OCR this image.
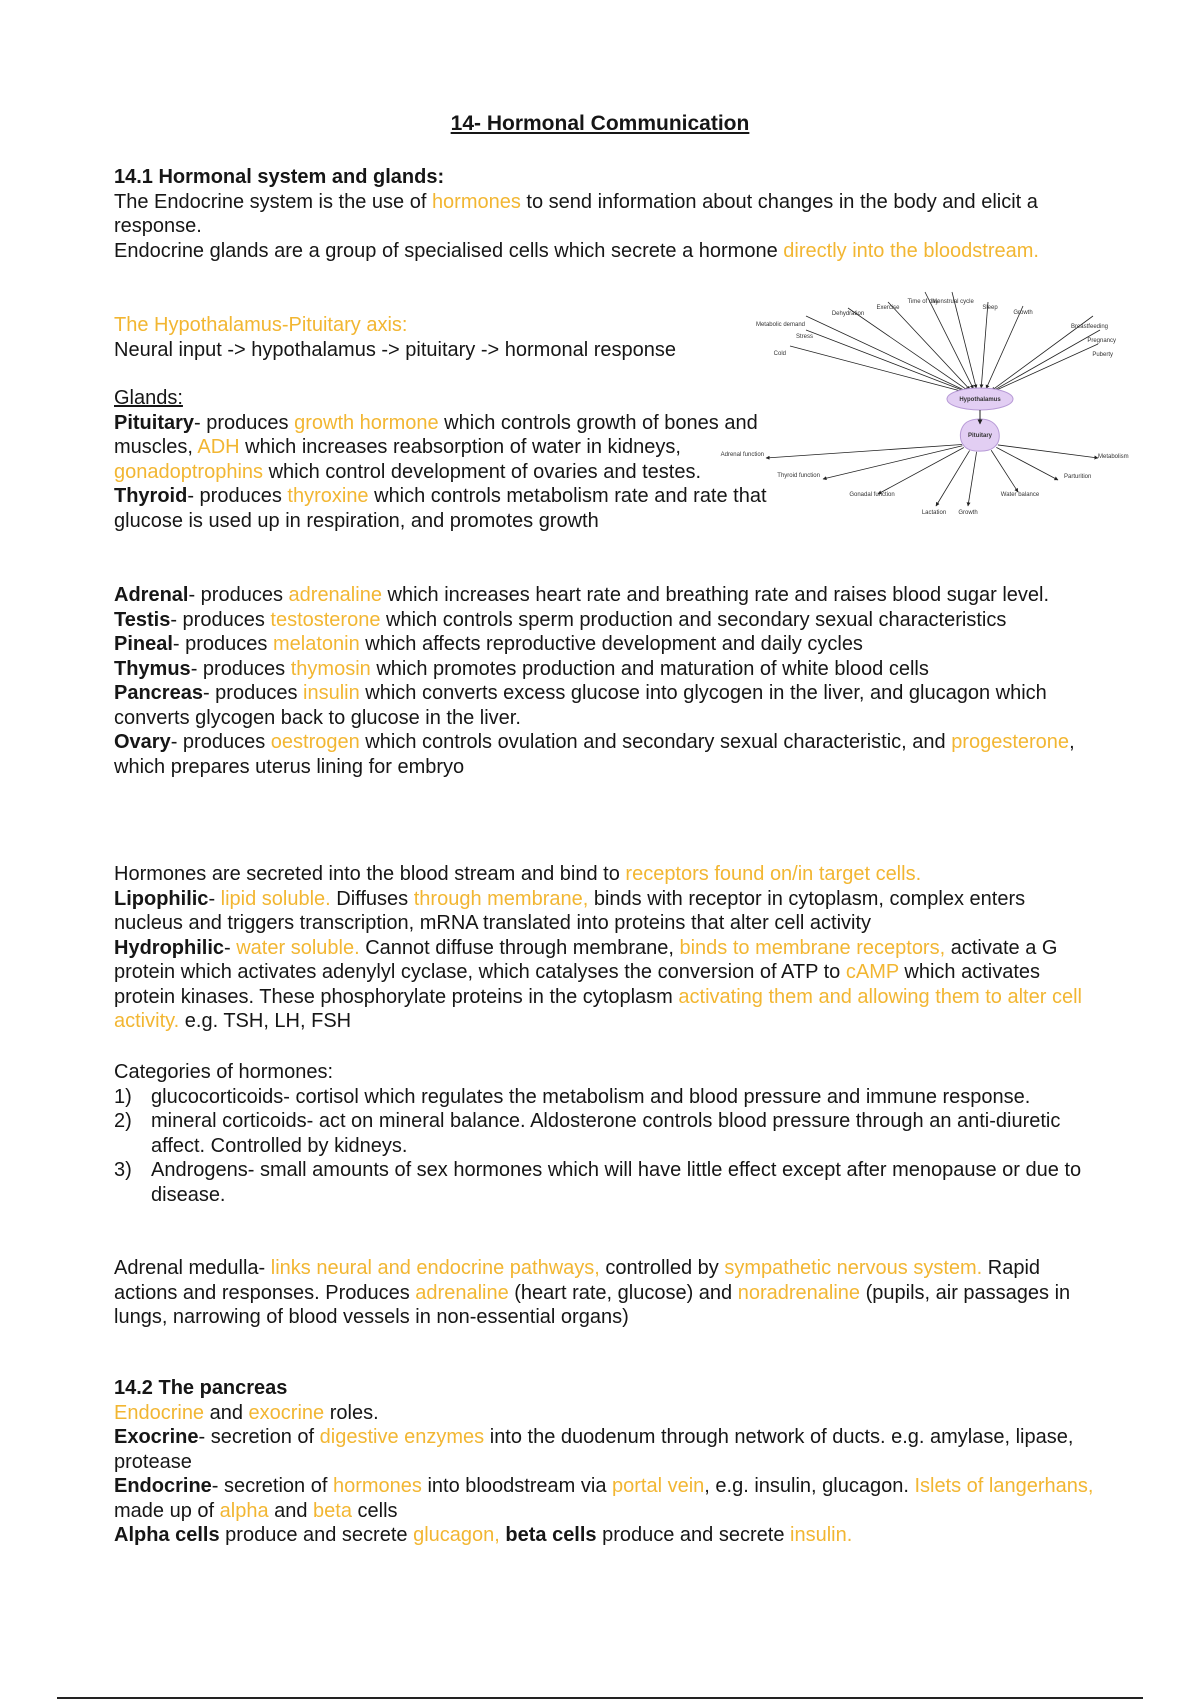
14- Hormonal Communication
14.1 Hormonal system and glands:
The Endocrine system is the use of hormones to send information about changes in the body and elicit a response.
Endocrine glands are a group of specialised cells which secrete a hormone directly into the bloodstream.
The Hypothalamus-Pituitary axis:
Neural input -> hypothalamus -> pituitary -> hormonal response
Glands:
Pituitary- produces growth hormone which controls growth of bones and muscles, ADH which increases reabsorption of water in kidneys, gonadoptrophins which control development of ovaries and testes.
Thyroid- produces thyroxine which controls metabolism rate and rate that glucose is used up in respiration, and promotes growth
Adrenal- produces adrenaline which increases heart rate and breathing rate and raises blood sugar level.
Testis- produces testosterone which controls sperm production and secondary sexual characteristics
Pineal- produces melatonin which affects reproductive development and daily cycles
Thymus- produces thymosin which promotes production and maturation of white blood cells
Pancreas- produces insulin which converts excess glucose into glycogen in the liver, and glucagon which converts glycogen back to glucose in the liver.
Ovary- produces oestrogen which controls ovulation and secondary sexual characteristic, and progesterone, which prepares uterus lining for embryo
Hormones are secreted into the blood stream and bind to receptors found on/in target cells.
Lipophilic- lipid soluble. Diffuses through membrane, binds with receptor in cytoplasm, complex enters nucleus and triggers transcription, mRNA translated into proteins that alter cell activity
Hydrophilic- water soluble. Cannot diffuse through membrane, binds to membrane receptors, activate a G protein which activates adenylyl cyclase, which catalyses the conversion of ATP to cAMP which activates protein kinases. These phosphorylate proteins in the cytoplasm activating them and allowing them to alter cell activity. e.g. TSH, LH, FSH
Categories of hormones:
1) glucocorticoids- cortisol which regulates the metabolism and blood pressure and immune response.
2) mineral corticoids- act on mineral balance. Aldosterone controls blood pressure through an anti-diuretic affect. Controlled by kidneys.
3) Androgens- small amounts of sex hormones which will have little effect except after menopause or due to disease.
Adrenal medulla- links neural and endocrine pathways, controlled by sympathetic nervous system. Rapid actions and responses. Produces adrenaline (heart rate, glucose) and noradrenaline (pupils, air passages in lungs, narrowing of blood vessels in non-essential organs)
14.2 The pancreas
Endocrine and exocrine roles.
Exocrine- secretion of digestive enzymes into the duodenum through network of ducts. e.g. amylase, lipase, protease
Endocrine- secretion of hormones into bloodstream via portal vein, e.g. insulin, glucagon. Islets of langerhans, made up of alpha and beta cells
Alpha cells produce and secrete glucagon, beta cells produce and secrete insulin.
Metabolic demand
Stress
Cold
Dehydration
Exercise
Time of day
Menstrual cycle
Sleep
Growth
Breastfeeding
Pregnancy
Puberty
Adrenal function
Thyroid function
Gonadal function
Lactation Growth
Water balance
Parturition
Metabolism
Hypothalamus
Pituitary
